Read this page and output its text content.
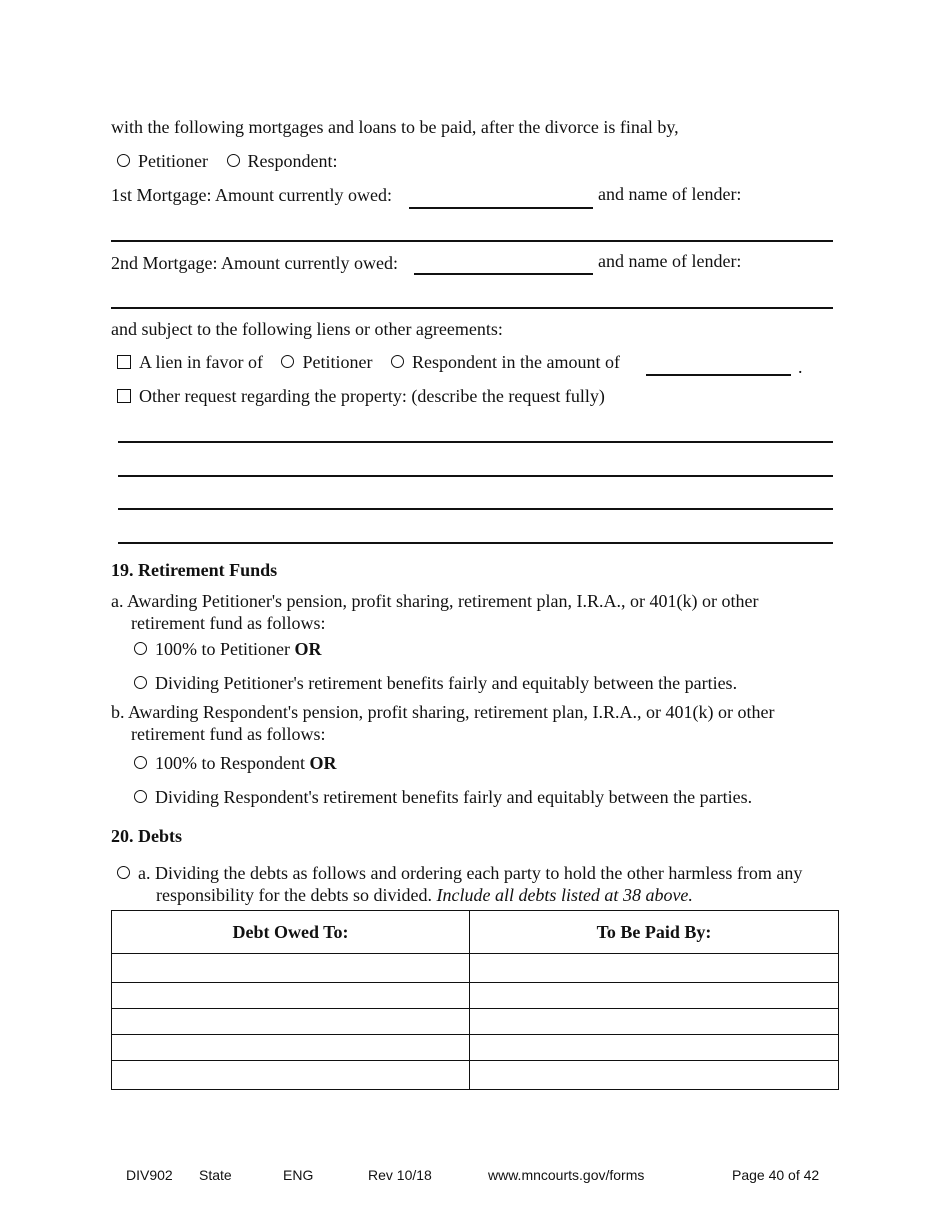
with the following mortgages and loans to be paid, after the divorce is final by,
Petitioner Respondent:
1st Mortgage: Amount currently owed:	and name of lender:
2nd Mortgage: Amount currently owed:	and name of lender:
and subject to the following liens or other agreements:
A lien in favor of Petitioner Respondent in the amount of	.
Other request regarding the property: (describe the request fully)
19. Retirement Funds
a. Awarding Petitioner's pension, profit sharing, retirement plan, I.R.A., or 401(k) or other
retirement fund as follows:
100% to Petitioner OR
Dividing Petitioner's retirement benefits fairly and equitably between the parties.
b. Awarding Respondent's pension, profit sharing, retirement plan, I.R.A., or 401(k) or other
retirement fund as follows:
100% to Respondent OR
Dividing Respondent's retirement benefits fairly and equitably between the parties.
20. Debts
a. Dividing the debts as follows and ordering each party to hold the other harmless from any
responsibility for the debts so divided. Include all debts listed at 38 above.
Debt Owed To:	To Be Paid By:

DIV902 State	ENG	Rev 10/18	www.mncourts.gov/forms	Page 40 of 42
